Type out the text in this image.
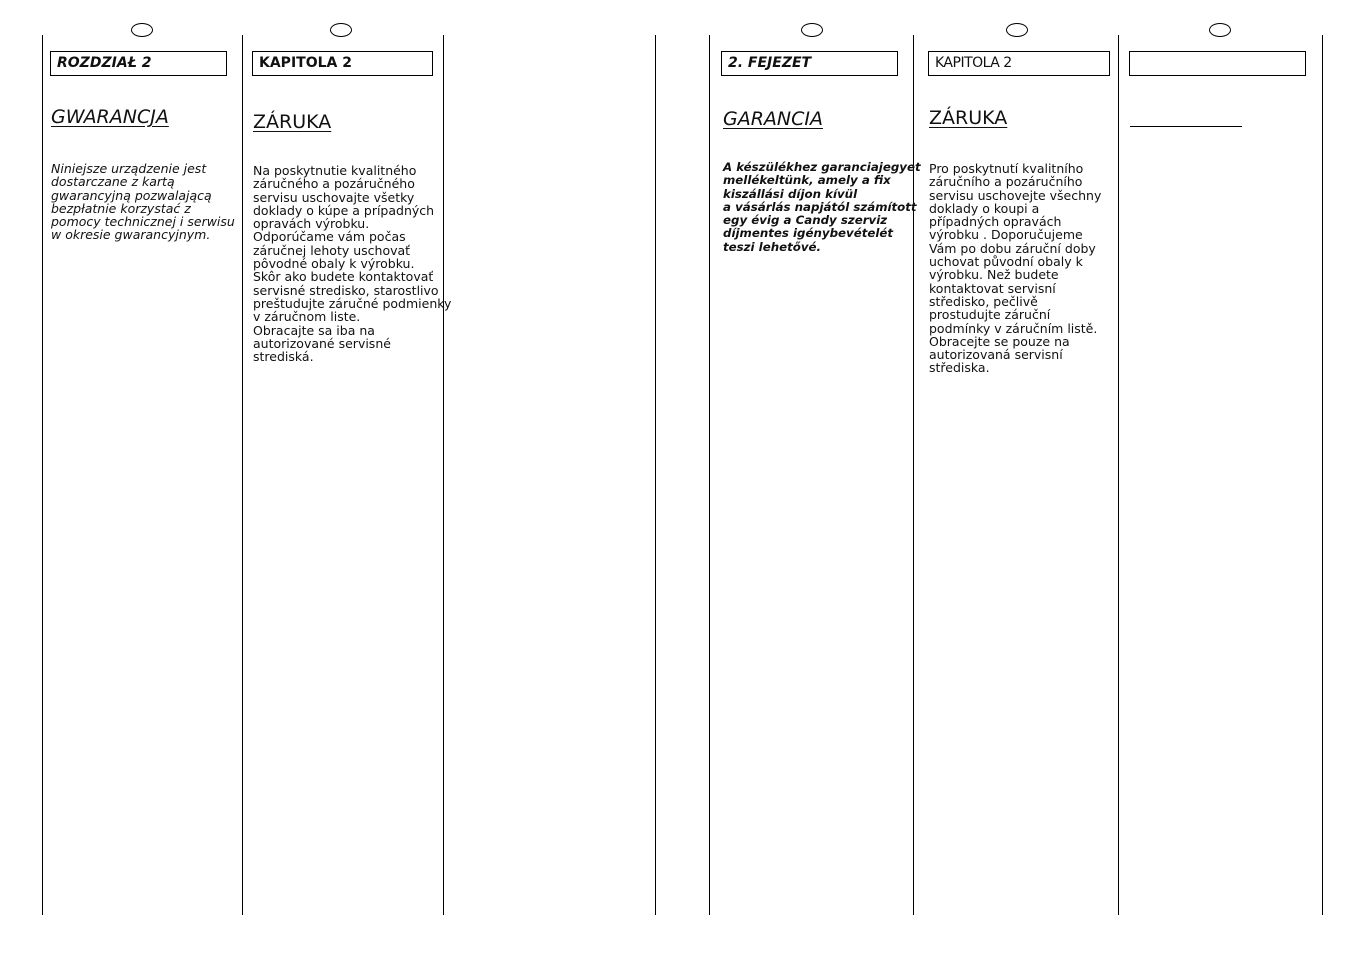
ROZDZIAŁ 2
GWARANCJA
Niniejsze urządzenie jest
dostarczane z kartą
gwarancyjną pozwalającą
bezpłatnie korzystać z
pomocy technicznej i serwisu
w okresie gwarancyjnym.
KAPITOLA 2
ZÁRUKA
Na poskytnutie kvalitného
záručného a pozáručného
servisu uschovajte všetky
doklady o kúpe a prípadných
opravách výrobku.
Odporúčame vám počas
záručnej lehoty uschovať
pôvodné obaly k výrobku.
Skôr ako budete kontaktovať
servisné stredisko, starostlivo
preštudujte záručné podmienky
v záručnom liste.
Obracajte sa iba na
autorizované servisné
strediská.
2. FEJEZET
GARANCIA
A készülékhez garanciajegyet
mellékeltünk, amely a fix
kiszállási díjon kívül
a vásárlás napjától számított
egy évig a Candy szerviz
díjmentes igénybevételét
teszi lehetővé.
KAPITOLA 2
ZÁRUKA
Pro poskytnutí kvalitního
záručního a pozáručního
servisu uschovejte všechny
doklady o koupi a
případných opravách
výrobku . Doporučujeme
Vám po dobu záruční doby
uchovat původní obaly k
výrobku. Než budete
kontaktovat servisní
středisko, pečlivě
prostudujte záruční
podmínky v záručním listě.
Obracejte se pouze na
autorizovaná servisní
střediska.
